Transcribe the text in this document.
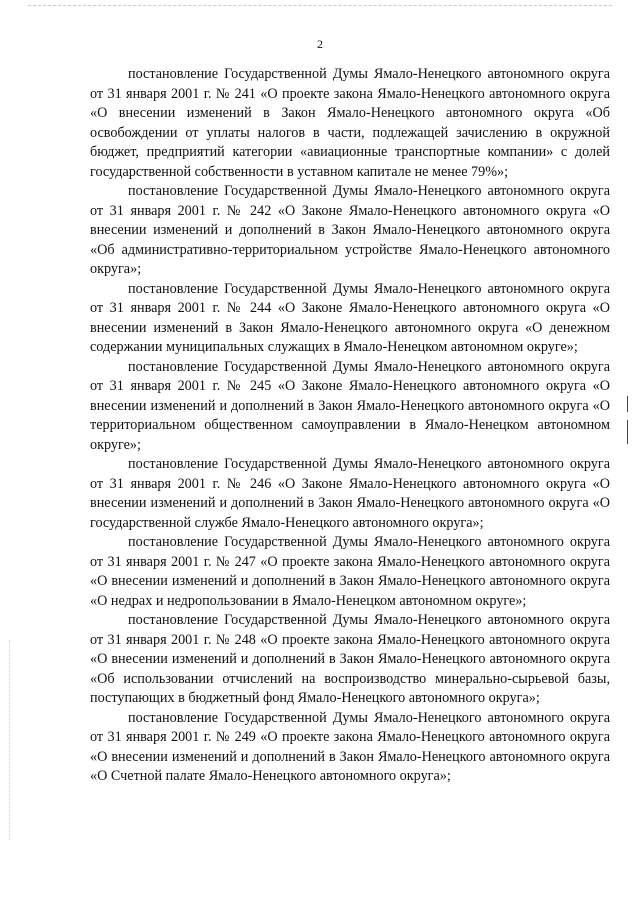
2

постановление Государственной Думы Ямало-Ненецкого автономного округа от 31 января 2001 г. № 241 «О проекте закона Ямало-Ненецкого автономного округа «О внесении изменений в Закон Ямало-Ненецкого автономного округа «Об освобождении от уплаты налогов в части, подлежащей зачислению в окружной бюджет, предприятий категории «авиационные транспортные компании» с долей государственной собственности в уставном капитале не менее 79%»;

постановление Государственной Думы Ямало-Ненецкого автономного округа от 31 января 2001 г. № 242 «О Законе Ямало-Ненецкого автономного округа «О внесении изменений и дополнений в Закон Ямало-Ненецкого автономного округа «Об административно-территориальном устройстве Ямало-Ненецкого автономного округа»;

постановление Государственной Думы Ямало-Ненецкого автономного округа от 31 января 2001 г. № 244 «О Законе Ямало-Ненецкого автономного округа «О внесении изменений в Закон Ямало-Ненецкого автономного округа «О денежном содержании муниципальных служащих в Ямало-Ненецком автономном округе»;

постановление Государственной Думы Ямало-Ненецкого автономного округа от 31 января 2001 г. № 245 «О Законе Ямало-Ненецкого автономного округа «О внесении изменений и дополнений в Закон Ямало-Ненецкого автономного округа «О территориальном общественном самоуправлении в Ямало-Ненецком автономном округе»;

постановление Государственной Думы Ямало-Ненецкого автономного округа от 31 января 2001 г. № 246 «О Законе Ямало-Ненецкого автономного округа «О внесении изменений и дополнений в Закон Ямало-Ненецкого автономного округа «О государственной службе Ямало-Ненецкого автономного округа»;

постановление Государственной Думы Ямало-Ненецкого автономного округа от 31 января 2001 г. № 247 «О проекте закона Ямало-Ненецкого автономного округа «О внесении изменений и дополнений в Закон Ямало-Ненецкого автономного округа «О недрах и недропользовании в Ямало-Ненецком автономном округе»;

постановление Государственной Думы Ямало-Ненецкого автономного округа от 31 января 2001 г. № 248 «О проекте закона Ямало-Ненецкого автономного округа «О внесении изменений и дополнений в Закон Ямало-Ненецкого автономного округа «Об использовании отчислений на воспроизводство минерально-сырьевой базы, поступающих в бюджетный фонд Ямало-Ненецкого автономного округа»;

постановление Государственной Думы Ямало-Ненецкого автономного округа от 31 января 2001 г. № 249 «О проекте закона Ямало-Ненецкого автономного округа «О внесении изменений и дополнений в Закон Ямало-Ненецкого автономного округа «О Счетной палате Ямало-Ненецкого автономного округа»;
